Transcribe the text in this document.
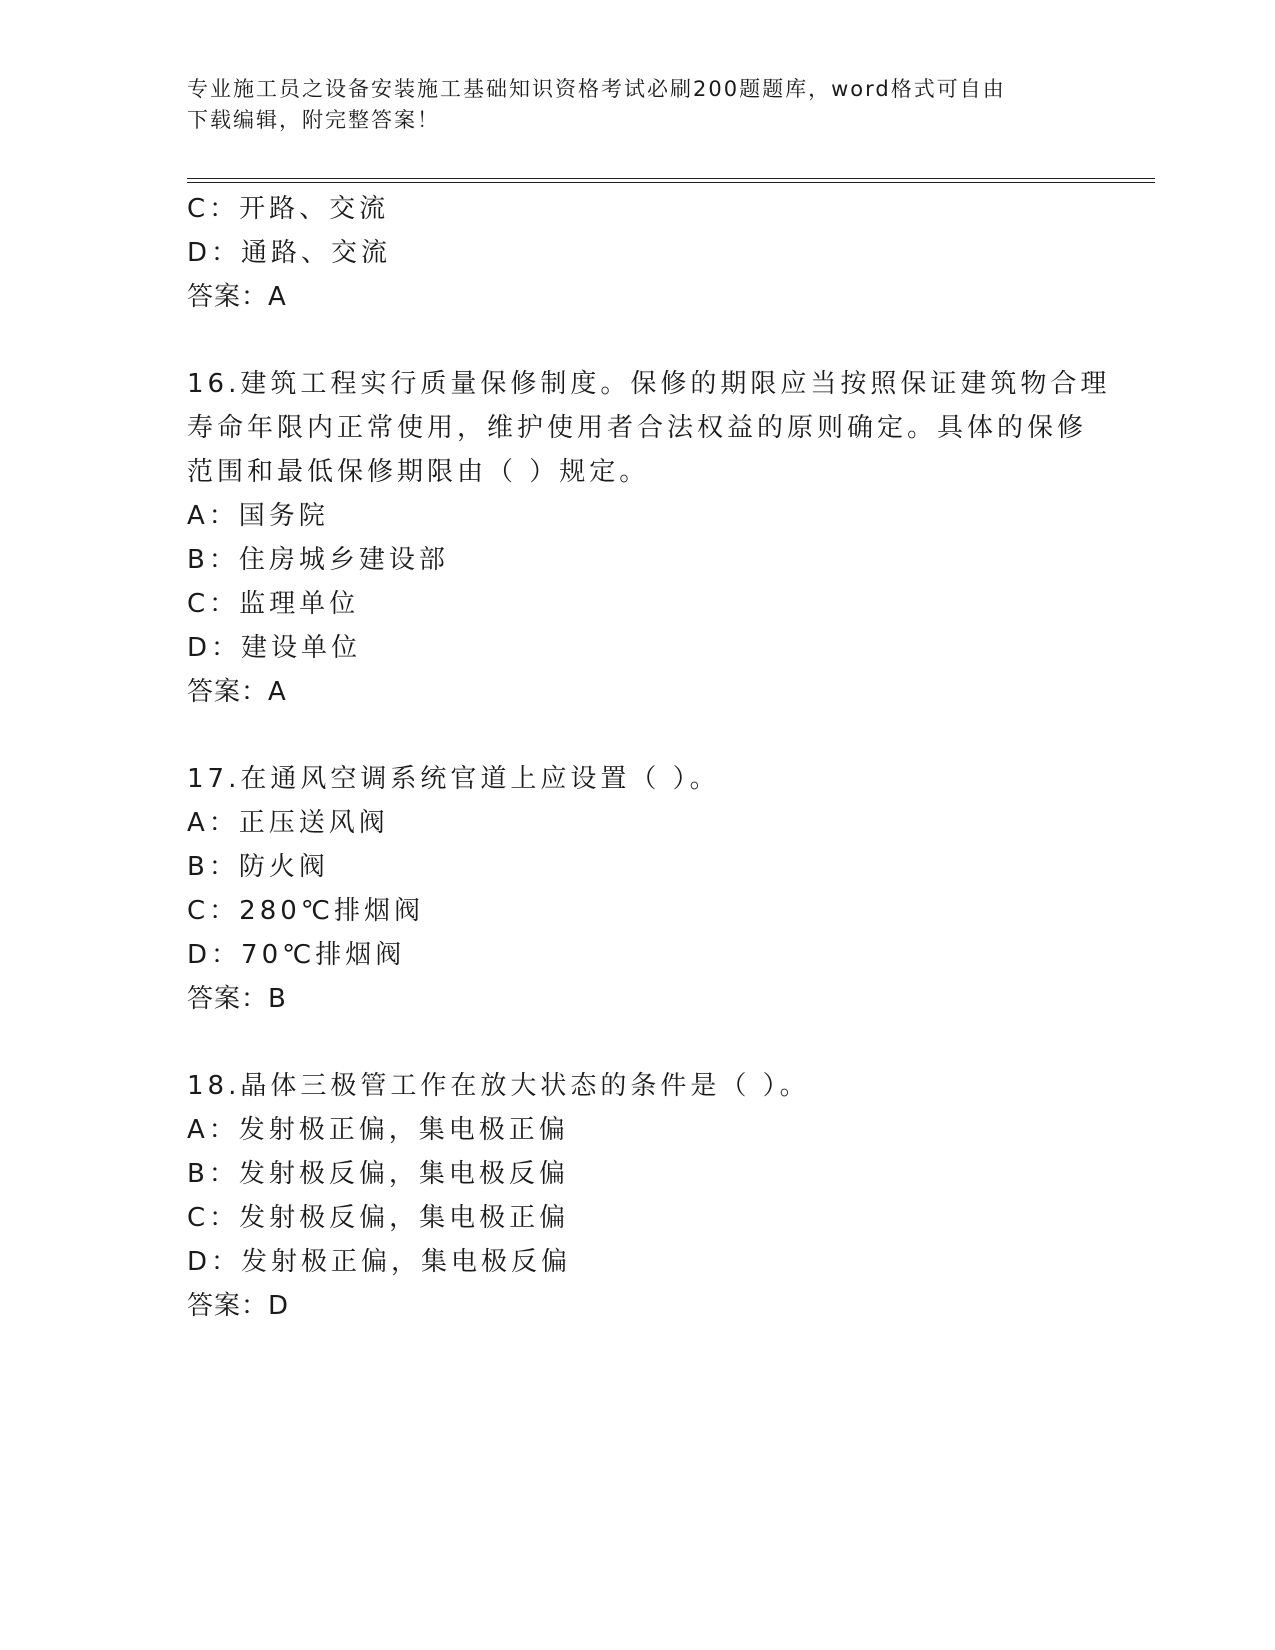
专业施工员之设备安装施工基础知识资格考试必刷200题题库，word格式可自由
下载编辑，附完整答案！
C：开路、交流
D：通路、交流
答案：A
16.建筑工程实行质量保修制度。保修的期限应当按照保证建筑物合理
寿命年限内正常使用，维护使用者合法权益的原则确定。具体的保修
范围和最低保修期限由（ ）规定。
A：国务院
B：住房城乡建设部
C：监理单位
D：建设单位
答案：A
17.在通风空调系统官道上应设置（ ）。
A：正压送风阀
B：防火阀
C：280℃排烟阀
D：70℃排烟阀
答案：B
18.晶体三极管工作在放大状态的条件是（ ）。
A：发射极正偏，集电极正偏
B：发射极反偏，集电极反偏
C：发射极反偏，集电极正偏
D：发射极正偏，集电极反偏
答案：D
